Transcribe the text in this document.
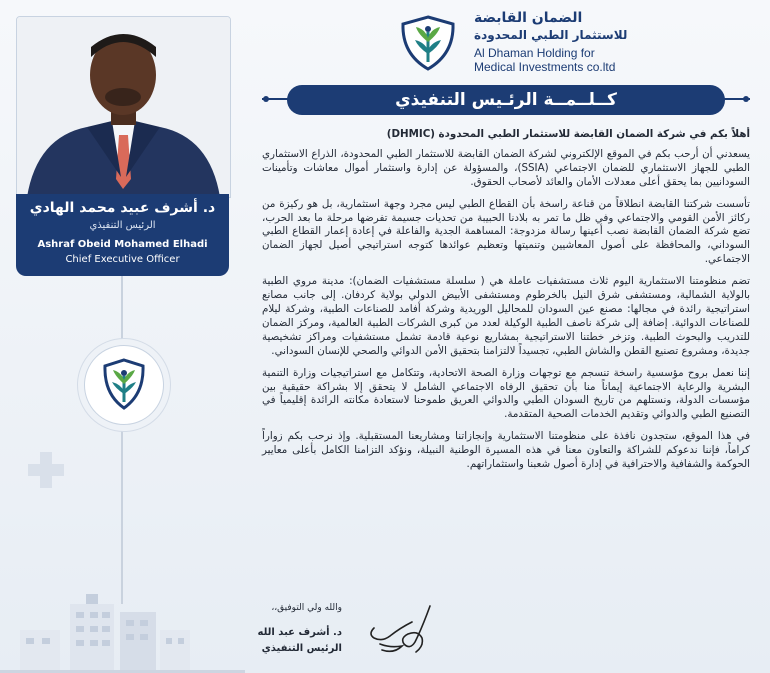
د. أشرف عبيد محمد الهادي
الرئيس التنفيذي
Ashraf Obeid Mohamed Elhadi
Chief Executive Officer
الضمان القابضة
للاستثمار الطبي المحدودة
Al Dhaman Holding for
Medical Investments co.ltd
كــلــمــة الرئـيس التنفيذي

أهلاً بكم في شركة الضمان القابضة للاستثمار الطبي المحدودة (DHMIC)

يسعدني أن أرحب بكم في الموقع الإلكتروني لشركة الضمان القابضة للاستثمار الطبي المحدودة، الذراع الاستثماري الطبي للجهاز الاستثماري للضمان الاجتماعي (SSIA)، والمسؤولة عن إدارة واستثمار أموال معاشات وتأمينات السودانيين بما يحقق أعلى معدلات الأمان والعائد لأصحاب الحقوق.

تأسست شركتنا القابضة انطلاقاً من قناعة راسخة بأن القطاع الطبي ليس مجرد وجهة استثمارية، بل هو ركيزة من ركائز الأمن القومي والاجتماعي وفي ظل ما تمر به بلادنا الحبيبة من تحديات جسيمة تفرضها مرحلة ما بعد الحرب، تضع شركة الضمان القابضة نصب أعينها رسالة مزدوجة: المساهمة الجدية والفاعلة في إعادة إعمار القطاع الطبي السوداني، والمحافظة على أصول المعاشيين وتنميتها وتعظيم عوائدها كتوجه استراتيجي أصيل لجهاز الضمان الاجتماعي.

تضم منظومتنا الاستثمارية اليوم ثلاث مستشفيات عاملة هي ( سلسلة مستشفيات الضمان): مدينة مروي الطبية بالولاية الشمالية، ومستشفى شرق النيل بالخرطوم ومستشفى الأبيض الدولي بولاية كردفان. إلى جانب مصانع استراتيجية رائدة في مجالها: مصنع عين السودان للمحاليل الوريدية وشركة أفامد للصناعات الطبية، وشركة ليلام للصناعات الدوائية. إضافة إلى شركة ناصف الطبية الوكيلة لعدد من كبرى الشركات الطبية العالمية، ومركز الضمان للتدريب والبحوث الطبية. وتزخر خطتنا الاستراتيجية بمشاريع نوعية قادمة تشمل مستشفيات ومراكز تشخيصية جديدة، ومشروع تصنيع القطن والشاش الطبي، تجسيداً لالتزامنا بتحقيق الأمن الدوائي والصحي للإنسان السوداني.

إننا نعمل بروح مؤسسية راسخة تنسجم مع توجهات وزارة الصحة الاتحادية، وتتكامل مع استراتيجيات وزارة التنمية البشرية والرعاية الاجتماعية إيماناً منا بأن تحقيق الرفاه الاجتماعي الشامل لا يتحقق إلا بشراكة حقيقية بين مؤسسات الدولة، ونستلهم من تاريخ السودان الطبي والدوائي العريق طموحنا لاستعادة مكانته الرائدة إقليمياً في التصنيع الطبي والدوائي وتقديم الخدمات الصحية المتقدمة.

في هذا الموقع، ستجدون نافذة على منظومتنا الاستثمارية وإنجازاتنا ومشاريعنا المستقبلية. وإذ نرحب بكم زواراً كراماً، فإننا ندعوكم للشراكة والتعاون معنا في هذه المسيرة الوطنية النبيلة، ونؤكد التزامنا الكامل بأعلى معايير الحوكمة والشفافية والاحترافية في إدارة أصول شعبنا واستثماراتهم.

والله ولي التوفيق،،
د. أشرف عبد الله
الرئيس التنفيذي
